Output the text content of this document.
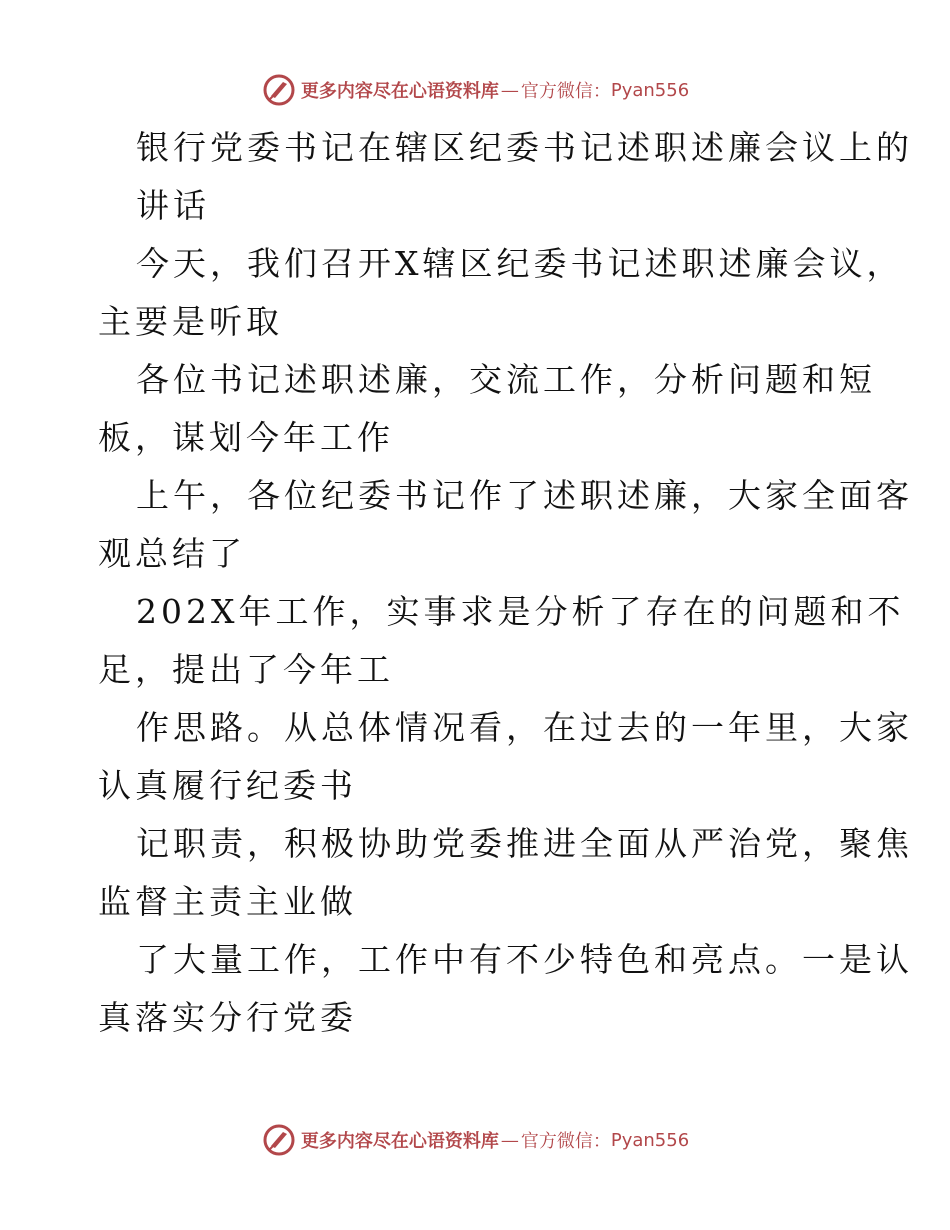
更多内容尽在心语资料库 — 官方微信： Pyan556
银行党委书记在辖区纪委书记述职述廉会议上的
讲话
今天，我们召开X辖区纪委书记述职述廉会议，
主要是听取
各位书记述职述廉，交流工作，分析问题和短
板，谋划今年工作
上午，各位纪委书记作了述职述廉，大家全面客
观总结了
202X年工作，实事求是分析了存在的问题和不
足，提出了今年工
作思路。从总体情况看，在过去的一年里，大家
认真履行纪委书
记职责，积极协助党委推进全面从严治党，聚焦
监督主责主业做
了大量工作，工作中有不少特色和亮点。一是认
真落实分行党委
更多内容尽在心语资料库 — 官方微信： Pyan556
